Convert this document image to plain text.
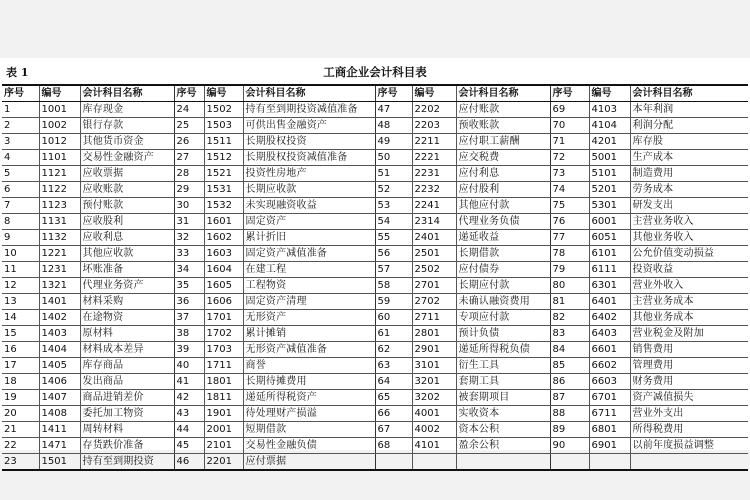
表 1	工商企业会计科目表
序号	编号	会计科目名称	序号	编号	会计科目名称	序号	编号	会计科目名称	序号	编号	会计科目名称
1	1001	库存现金	24	1502	持有至到期投资减值准备	47	2202	应付账款	69	4103	本年利润
2	1002	银行存款	25	1503	可供出售金融资产	48	2203	预收账款	70	4104	利润分配
3	1012	其他货币资金	26	1511	长期股权投资	49	2211	应付职工薪酬	71	4201	库存股
4	1101	交易性金融资产	27	1512	长期股权投资减值准备	50	2221	应交税费	72	5001	生产成本
5	1121	应收票据	28	1521	投资性房地产	51	2231	应付利息	73	5101	制造费用
6	1122	应收账款	29	1531	长期应收款	52	2232	应付股利	74	5201	劳务成本
7	1123	预付账款	30	1532	未实现融资收益	53	2241	其他应付款	75	5301	研发支出
8	1131	应收股利	31	1601	固定资产	54	2314	代理业务负债	76	6001	主营业务收入
9	1132	应收利息	32	1602	累计折旧	55	2401	递延收益	77	6051	其他业务收入
10	1221	其他应收款	33	1603	固定资产减值准备	56	2501	长期借款	78	6101	公允价值变动损益
11	1231	坏账准备	34	1604	在建工程	57	2502	应付债券	79	6111	投资收益
12	1321	代理业务资产	35	1605	工程物资	58	2701	长期应付款	80	6301	营业外收入
13	1401	材料采购	36	1606	固定资产清理	59	2702	未确认融资费用	81	6401	主营业务成本
14	1402	在途物资	37	1701	无形资产	60	2711	专项应付款	82	6402	其他业务成本
15	1403	原材料	38	1702	累计摊销	61	2801	预计负债	83	6403	营业税金及附加
16	1404	材料成本差异	39	1703	无形资产减值准备	62	2901	递延所得税负债	84	6601	销售费用
17	1405	库存商品	40	1711	商誉	63	3101	衍生工具	85	6602	管理费用
18	1406	发出商品	41	1801	长期待摊费用	64	3201	套期工具	86	6603	财务费用
19	1407	商品进销差价	42	1811	递延所得税资产	65	3202	被套期项目	87	6701	资产减值损失
20	1408	委托加工物资	43	1901	待处理财产损溢	66	4001	实收资本	88	6711	营业外支出
21	1411	周转材料	44	2001	短期借款	67	4002	资本公积	89	6801	所得税费用
22	1471	存货跌价准备	45	2101	交易性金融负债	68	4101	盈余公积	90	6901	以前年度损益调整
23	1501	持有至到期投资	46	2201	应付票据						
